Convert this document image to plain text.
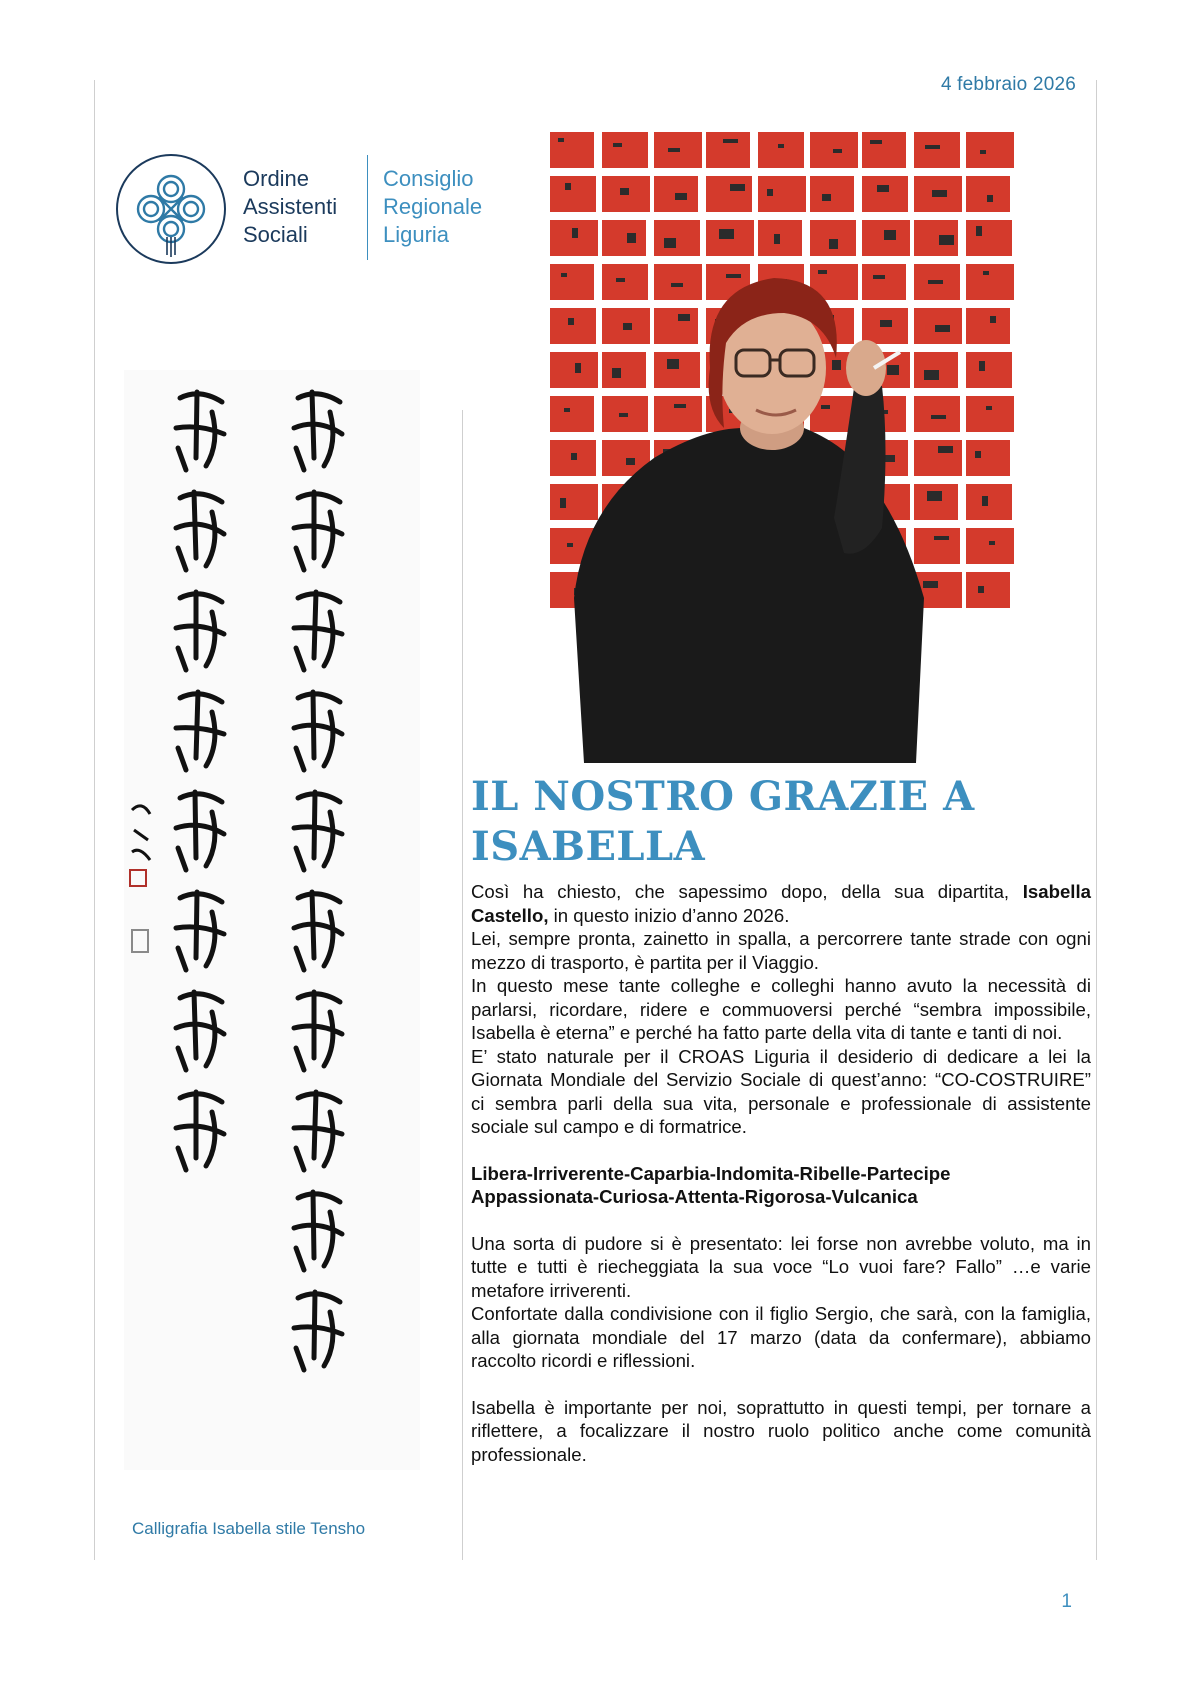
4 febbraio 2026
Ordine
Assistenti
Sociali
Consiglio
Regionale
Liguria
Calligrafia Isabella stile Tensho
IL NOSTRO GRAZIE A
ISABELLA

Così ha chiesto, che sapessimo dopo, della sua dipartita, Isabella Castello, in questo inizio d’anno 2026.

Lei, sempre pronta, zainetto in spalla, a percorrere tante strade con ogni mezzo di trasporto, è partita per il Viaggio.

In questo mese tante colleghe e colleghi hanno avuto la necessità di parlarsi, ricordare, ridere e commuoversi perché “sembra impossibile, Isabella è eterna” e perché ha fatto parte della vita di tante e tanti di noi.

E’ stato naturale per il CROAS Liguria il desiderio di dedicare a lei la Giornata Mondiale del Servizio Sociale di quest’anno: “CO-COSTRUIRE” ci sembra parli della sua vita, personale e professionale di assistente sociale sul campo e di formatrice.

Libera-Irriverente-Caparbia-Indomita-Ribelle-Partecipe

Appassionata-Curiosa-Attenta-Rigorosa-Vulcanica

Una sorta di pudore si è presentato: lei forse non avrebbe voluto, ma in tutte e tutti è riecheggiata la sua voce “Lo vuoi fare? Fallo” …e varie metafore irriverenti.

Confortate dalla condivisione con il figlio Sergio, che sarà, con la famiglia, alla giornata mondiale del 17 marzo (data da confermare), abbiamo raccolto ricordi e riflessioni.

Isabella è importante per noi, soprattutto in questi tempi, per tornare a riflettere, a focalizzare il nostro ruolo politico anche come comunità professionale.

1
